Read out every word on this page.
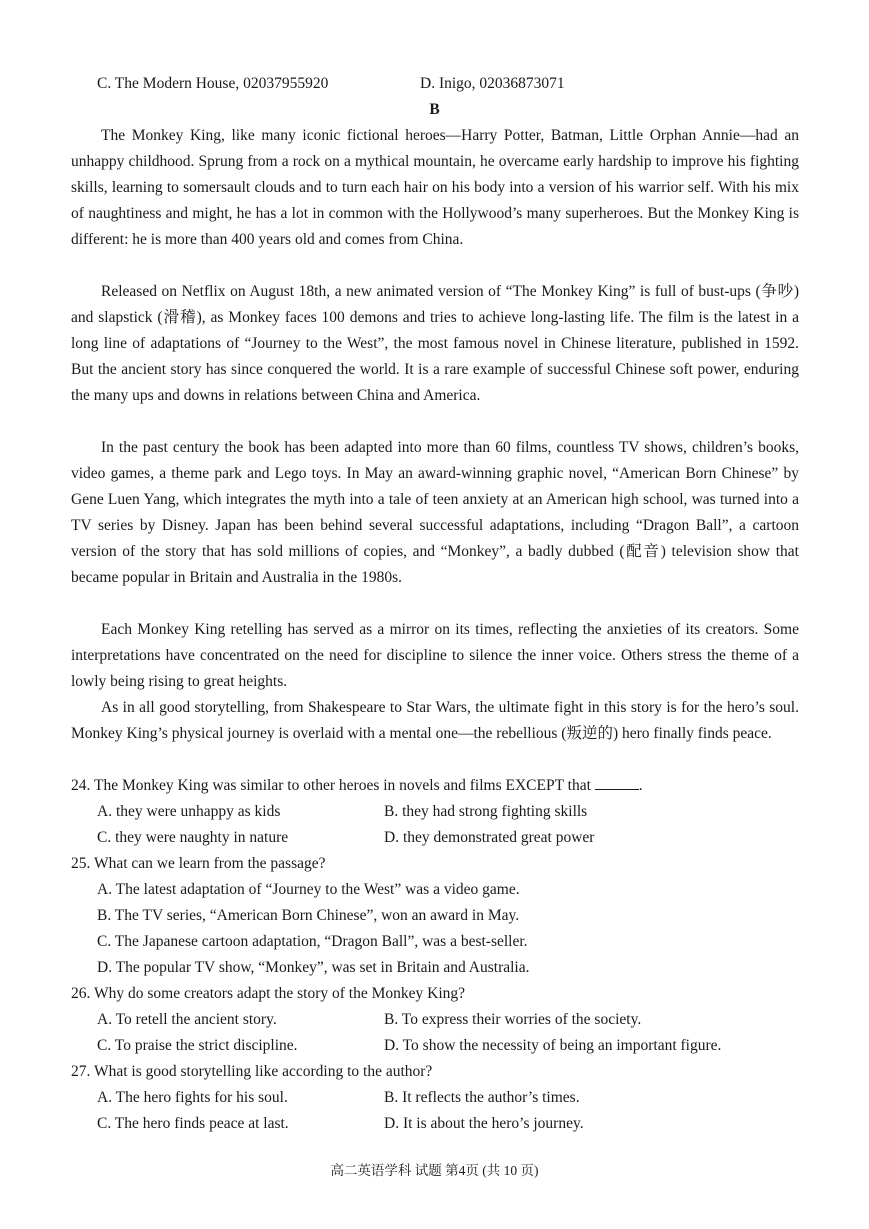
C. The Modern House, 02037955920	D. Inigo, 02036873071
B

The Monkey King, like many iconic fictional heroes—Harry Potter, Batman, Little Orphan Annie—had an unhappy childhood. Sprung from a rock on a mythical mountain, he overcame early hardship to improve his fighting skills, learning to somersault clouds and to turn each hair on his body into a version of his warrior self. With his mix of naughtiness and might, he has a lot in common with the Hollywood’s many superheroes. But the Monkey King is different: he is more than 400 years old and comes from China.

Released on Netflix on August 18th, a new animated version of “The Monkey King” is full of bust-ups (争吵) and slapstick (滑稽), as Monkey faces 100 demons and tries to achieve long-lasting life. The film is the latest in a long line of adaptations of “Journey to the West”, the most famous novel in Chinese literature, published in 1592. But the ancient story has since conquered the world. It is a rare example of successful Chinese soft power, enduring the many ups and downs in relations between China and America.

In the past century the book has been adapted into more than 60 films, countless TV shows, children’s books, video games, a theme park and Lego toys. In May an award-winning graphic novel, “American Born Chinese” by Gene Luen Yang, which integrates the myth into a tale of teen anxiety at an American high school, was turned into a TV series by Disney. Japan has been behind several successful adaptations, including “Dragon Ball”, a cartoon version of the story that has sold millions of copies, and “Monkey”, a badly dubbed (配音) television show that became popular in Britain and Australia in the 1980s.

Each Monkey King retelling has served as a mirror on its times, reflecting the anxieties of its creators. Some interpretations have concentrated on the need for discipline to silence the inner voice. Others stress the theme of a lowly being rising to great heights.

As in all good storytelling, from Shakespeare to Star Wars, the ultimate fight in this story is for the hero’s soul. Monkey King’s physical journey is overlaid with a mental one—the rebellious (叛逆的) hero finally finds peace.

24. The Monkey King was similar to other heroes in novels and films EXCEPT that	.
A. they were unhappy as kids	B. they had strong fighting skills
C. they were naughty in nature	D. they demonstrated great power
25. What can we learn from the passage?
A. The latest adaptation of “Journey to the West” was a video game.
B. The TV series, “American Born Chinese”, won an award in May.
C. The Japanese cartoon adaptation, “Dragon Ball”, was a best-seller.
D. The popular TV show, “Monkey”, was set in Britain and Australia.
26. Why do some creators adapt the story of the Monkey King?
A. To retell the ancient story.	B. To express their worries of the society.
C. To praise the strict discipline.	D. To show the necessity of being an important figure.
27. What is good storytelling like according to the author?
A. The hero fights for his soul.	B. It reflects the author’s times.
C. The hero finds peace at last.	D. It is about the hero’s journey.
高二英语学科 试题 第4页 (共 10 页)
